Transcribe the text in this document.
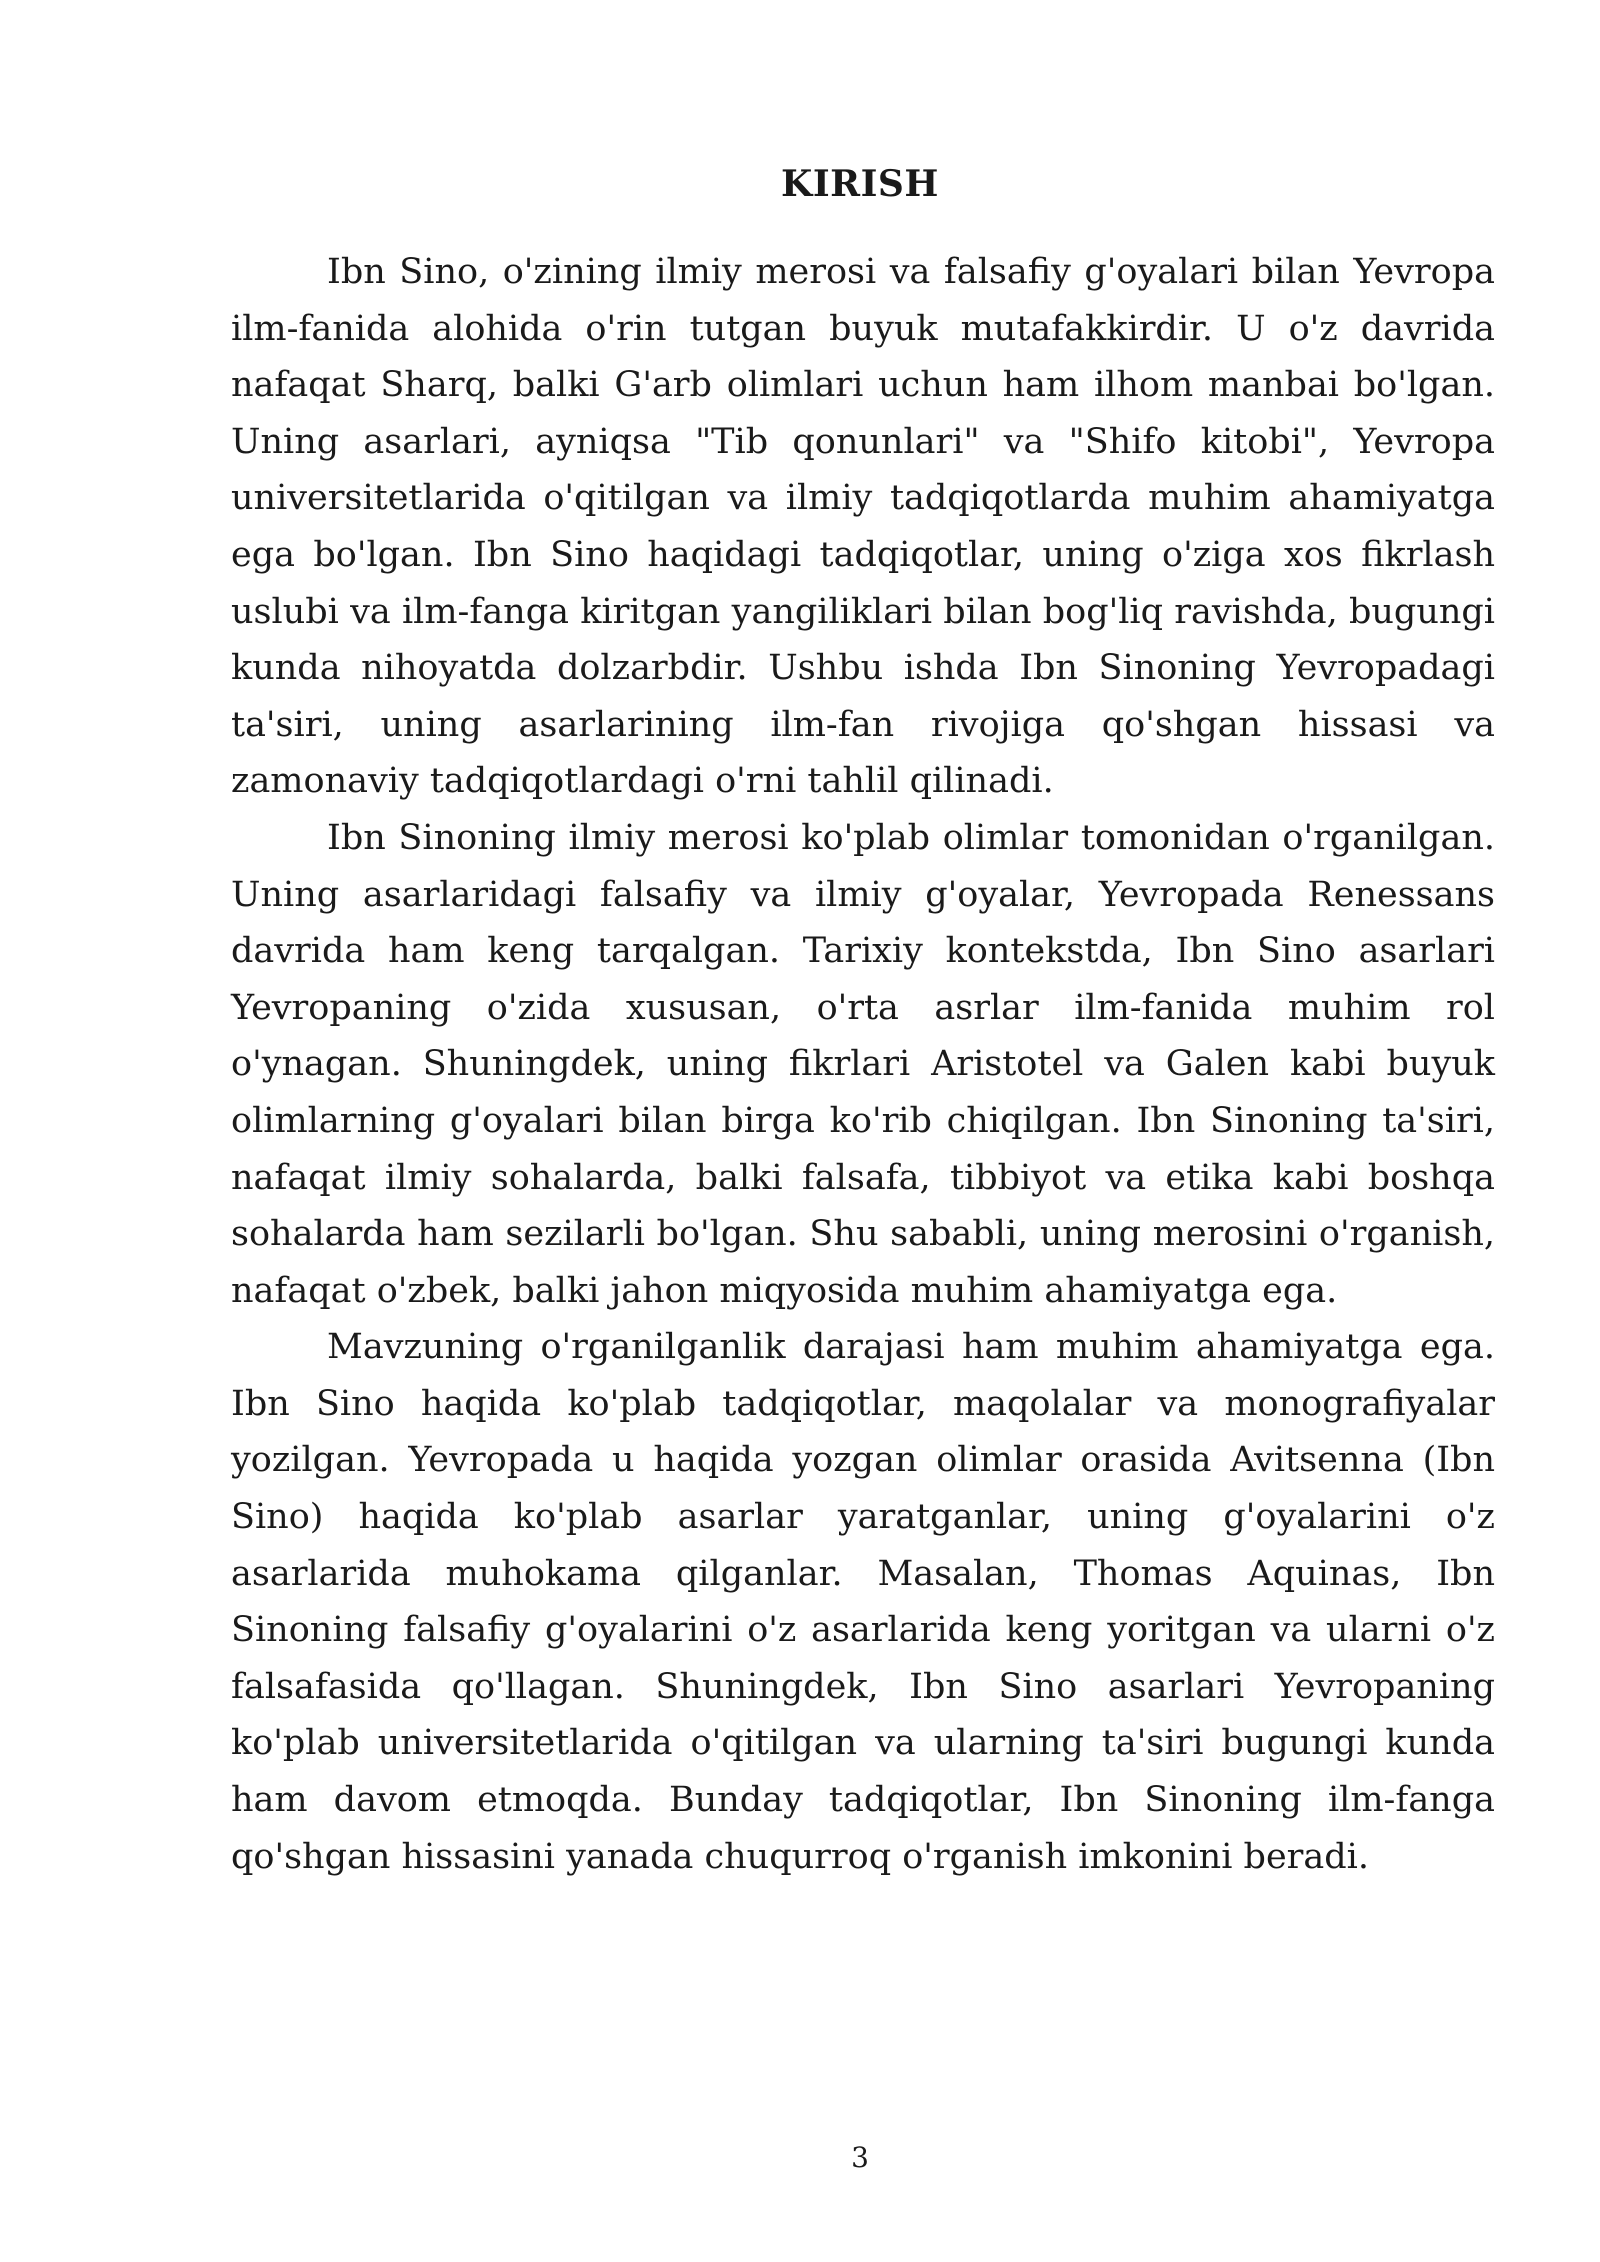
KIRISH

Ibn Sino, o'zining ilmiy merosi va falsafiy g'oyalari bilan Yevropa ilm-fanida alohida o'rin tutgan buyuk mutafakkirdir. U o'z davrida nafaqat Sharq, balki G'arb olimlari uchun ham ilhom manbai bo'lgan. Uning asarlari, ayniqsa "Tib qonunlari" va "Shifo kitobi", Yevropa universitetlarida o'qitilgan va ilmiy tadqiqotlarda muhim ahamiyatga ega bo'lgan. Ibn Sino haqidagi tadqiqotlar, uning o'ziga xos fikrlash uslubi va ilm-fanga kiritgan yangiliklari bilan bog'liq ravishda, bugungi kunda nihoyatda dolzarbdir. Ushbu ishda Ibn Sinoning Yevropadagi ta'siri, uning asarlarining ilm-fan rivojiga qo'shgan hissasi va zamonaviy tadqiqotlardagi o'rni tahlil qilinadi.

Ibn Sinoning ilmiy merosi ko'plab olimlar tomonidan o'rganilgan. Uning asarlaridagi falsafiy va ilmiy g'oyalar, Yevropada Renessans davrida ham keng tarqalgan. Tarixiy kontekstda, Ibn Sino asarlari Yevropaning o'zida xususan, o'rta asrlar ilm-fanida muhim rol o'ynagan. Shuningdek, uning fikrlari Aristotel va Galen kabi buyuk olimlarning g'oyalari bilan birga ko'rib chiqilgan. Ibn Sinoning ta'siri, nafaqat ilmiy sohalarda, balki falsafa, tibbiyot va etika kabi boshqa sohalarda ham sezilarli bo'lgan. Shu sababli, uning merosini o'rganish, nafaqat o'zbek, balki jahon miqyosida muhim ahamiyatga ega.

Mavzuning o'rganilganlik darajasi ham muhim ahamiyatga ega. Ibn Sino haqida ko'plab tadqiqotlar, maqolalar va monografiyalar yozilgan. Yevropada u haqida yozgan olimlar orasida Avitsenna (Ibn Sino) haqida ko'plab asarlar yaratganlar, uning g'oyalarini o'z asarlarida muhokama qilganlar. Masalan, Thomas Aquinas, Ibn Sinoning falsafiy g'oyalarini o'z asarlarida keng yoritgan va ularni o'z falsafasida qo'llagan. Shuningdek, Ibn Sino asarlari Yevropaning ko'plab universitetlarida o'qitilgan va ularning ta'siri bugungi kunda ham davom etmoqda. Bunday tadqiqotlar, Ibn Sinoning ilm-fanga qo'shgan hissasini yanada chuqurroq o'rganish imkonini beradi.

3
